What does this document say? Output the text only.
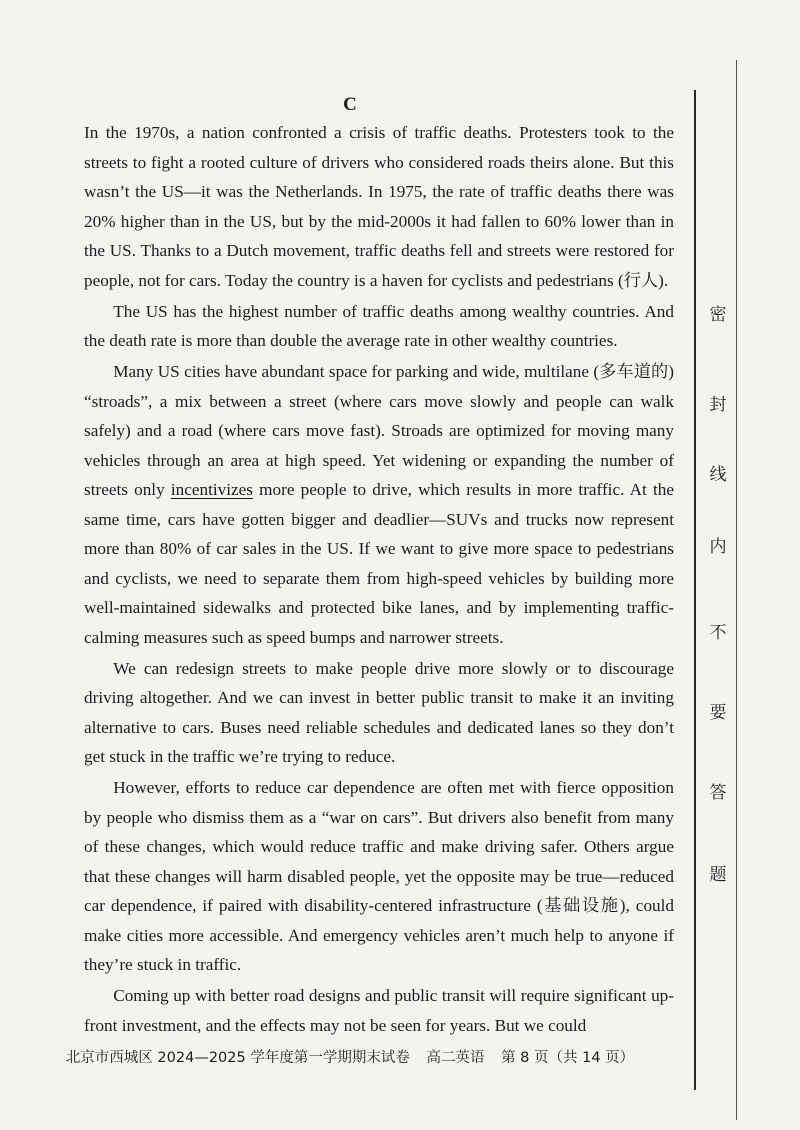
C

In the 1970s, a nation confronted a crisis of traffic deaths. Protesters took to the streets to fight a rooted culture of drivers who considered roads theirs alone. But this wasn’t the US—it was the Netherlands. In 1975, the rate of traffic deaths there was 20% higher than in the US, but by the mid-2000s it had fallen to 60% lower than in the US. Thanks to a Dutch movement, traffic deaths fell and streets were restored for people, not for cars. Today the country is a haven for cyclists and pedestrians (行人).

The US has the highest number of traffic deaths among wealthy countries. And the death rate is more than double the average rate in other wealthy countries.

Many US cities have abundant space for parking and wide, multilane (多车道的) “stroads”, a mix between a street (where cars move slowly and people can walk safely) and a road (where cars move fast). Stroads are optimized for moving many vehicles through an area at high speed. Yet widening or expanding the number of streets only incentivizes more people to drive, which results in more traffic. At the same time, cars have gotten bigger and deadlier—SUVs and trucks now represent more than 80% of car sales in the US. If we want to give more space to pedestrians and cyclists, we need to separate them from high-speed vehicles by building more well-maintained sidewalks and protected bike lanes, and by implementing traffic-calming measures such as speed bumps and narrower streets.

We can redesign streets to make people drive more slowly or to discourage driving altogether. And we can invest in better public transit to make it an inviting alternative to cars. Buses need reliable schedules and dedicated lanes so they don’t get stuck in the traffic we’re trying to reduce.

However, efforts to reduce car dependence are often met with fierce opposition by people who dismiss them as a “war on cars”. But drivers also benefit from many of these changes, which would reduce traffic and make driving safer. Others argue that these changes will harm disabled people, yet the opposite may be true—reduced car dependence, if paired with disability-centered infrastructure (基础设施), could make cities more accessible. And emergency vehicles aren’t much help to anyone if they’re stuck in traffic.

Coming up with better road designs and public transit will require significant up-front investment, and the effects may not be seen for years. But we could

北京市西城区 2024—2025 学年度第一学期期末试卷 高二英语 第 8 页（共 14 页）
密
封
线
内
不
要
答
题
